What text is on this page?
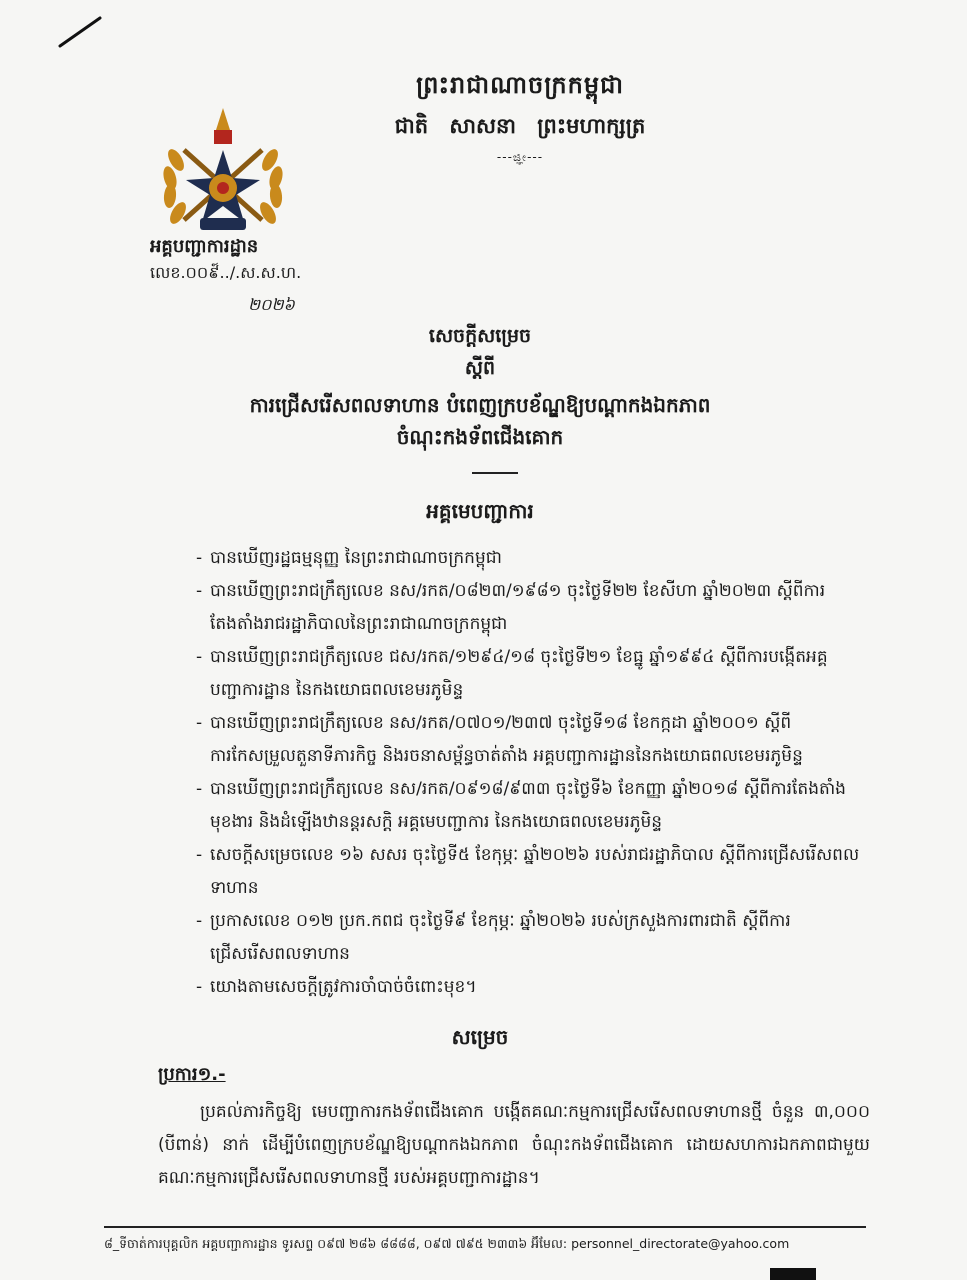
ព្រះរាជាណាចក្រកម្ពុជា
ជាតិ សាសនា ព្រះមហាក្សត្រ
---ಜ್ಞೀ---
អគ្គបញ្ជាការដ្ឋាន
លេខ.០០៩៍../.ស.ស.ហ.
២០២៦
សេចក្តីសម្រេច
ស្តីពី
ការជ្រើសរើសពលទាហាន បំពេញក្របខ័ណ្ឌឱ្យបណ្តាកងឯកភាព
ចំណុះកងទ័ពជើងគោក
អគ្គមេបញ្ជាការ
- បានឃើញរដ្ឋធម្មនុញ្ញ នៃព្រះរាជាណាចក្រកម្ពុជា
- បានឃើញព្រះរាជក្រឹត្យលេខ នស/រកត/០៨២៣/១៩៨១ ចុះថ្ងៃទី២២ ខែសីហា ឆ្នាំ២០២៣ ស្តីពីការតែងតាំងរាជរដ្ឋាភិបាលនៃព្រះរាជាណាចក្រកម្ពុជា
- បានឃើញព្រះរាជក្រឹត្យលេខ ជស/រកត/១២៩៤/១៨ ចុះថ្ងៃទី២១ ខែធ្នូ ឆ្នាំ១៩៩៤ ស្តីពីការបង្កើតអគ្គបញ្ជាការដ្ឋាន នៃកងយោធពលខេមរភូមិន្ទ
- បានឃើញព្រះរាជក្រឹត្យលេខ នស/រកត/០៧០១/២៣៧ ចុះថ្ងៃទី១៨ ខែកក្កដា ឆ្នាំ២០០១ ស្តីពីការកែសម្រួលតួនាទីភារកិច្ច និងរចនាសម្ព័ន្ធចាត់តាំង អគ្គបញ្ជាការដ្ឋាននៃកងយោធពលខេមរភូមិន្ទ
- បានឃើញព្រះរាជក្រឹត្យលេខ នស/រកត/០៩១៨/៩៣៣ ចុះថ្ងៃទី៦ ខែកញ្ញា ឆ្នាំ២០១៨ ស្តីពីការតែងតាំងមុខងារ និងដំឡើងឋានន្តរសក្តិ អគ្គមេបញ្ជាការ នៃកងយោធពលខេមរភូមិន្ទ
- សេចក្តីសម្រេចលេខ ១៦ សសរ ចុះថ្ងៃទី៥ ខែកុម្ភៈ ឆ្នាំ២០២៦ របស់រាជរដ្ឋាភិបាល ស្តីពីការជ្រើសរើសពលទាហាន
- ប្រកាសលេខ ០១២ ប្រក.កពជ ចុះថ្ងៃទី៩ ខែកុម្ភៈ ឆ្នាំ២០២៦ របស់ក្រសួងការពារជាតិ ស្តីពីការជ្រើសរើសពលទាហាន
- យោងតាមសេចក្តីត្រូវការចាំបាច់ចំពោះមុខ។
សម្រេច
ប្រការ១.-

ប្រគល់ភារកិច្ចឱ្យ មេបញ្ជាការកងទ័ពជើងគោក បង្កើតគណៈកម្មការជ្រើសរើសពលទាហានថ្មី ចំនួន ៣,០០០ (បីពាន់) នាក់ ដើម្បីបំពេញក្របខ័ណ្ឌឱ្យបណ្តាកងឯកភាព ចំណុះកងទ័ពជើងគោក ដោយសហការឯកភាពជាមួយគណៈកម្មការជ្រើសរើសពលទាហានថ្មី របស់អគ្គបញ្ជាការដ្ឋាន។

៨_ទីចាត់ការបុគ្គលិក អគ្គបញ្ជាការដ្ឋាន ទូរសព្ទ ០៩៧ ២៨៦ ៨៨៨៨, ០៩៧ ៧៩៥ ២៣៣៦ អ៊ីមែល: personnel_directorate@yahoo.com
